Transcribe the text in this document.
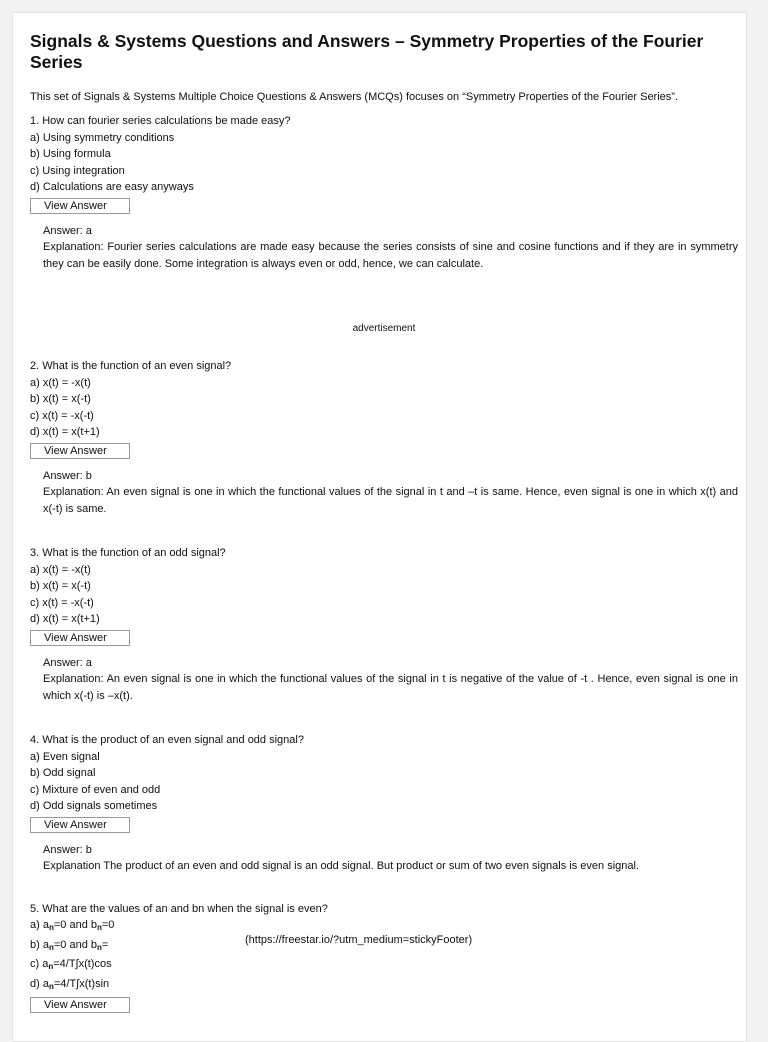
Signals & Systems Questions and Answers – Symmetry Properties of the Fourier Series

This set of Signals & Systems Multiple Choice Questions & Answers (MCQs) focuses on “Symmetry Properties of the Fourier Series”.

1. How can fourier series calculations be made easy?
a) Using symmetry conditions
b) Using formula
c) Using integration
d) Calculations are easy anyways
View Answer

Answer: a

Explanation: Fourier series calculations are made easy because the series consists of sine and cosine functions and if they are in symmetry they can be easily done. Some integration is always even or odd, hence, we can calculate.

advertisement
2. What is the function of an even signal?
a) x(t) = -x(t)
b) x(t) = x(-t)
c) x(t) = -x(-t)
d) x(t) = x(t+1)
View Answer

Answer: b

Explanation: An even signal is one in which the functional values of the signal in t and –t is same. Hence, even signal is one in which x(t) and x(-t) is same.

3. What is the function of an odd signal?
a) x(t) = -x(t)
b) x(t) = x(-t)
c) x(t) = -x(-t)
d) x(t) = x(t+1)
View Answer

Answer: a

Explanation: An even signal is one in which the functional values of the signal in t is negative of the value of -t . Hence, even signal is one in which x(-t) is –x(t).

4. What is the product of an even signal and odd signal?
a) Even signal
b) Odd signal
c) Mixture of even and odd
d) Odd signals sometimes
View Answer

Answer: b

Explanation The product of an even and odd signal is an odd signal. But product or sum of two even signals is even signal.

5. What are the values of an and bn when the signal is even?
a) $a_n=0$ and $b_n=0$
b) $a_n=0$ and $b_n=$
c) $a_n=4/T\int x(t)\cos$
d) $a_n=4/T\int x(t)\sin$
View Answer
(https://freestar.io/?utm_medium=stickyFooter)
